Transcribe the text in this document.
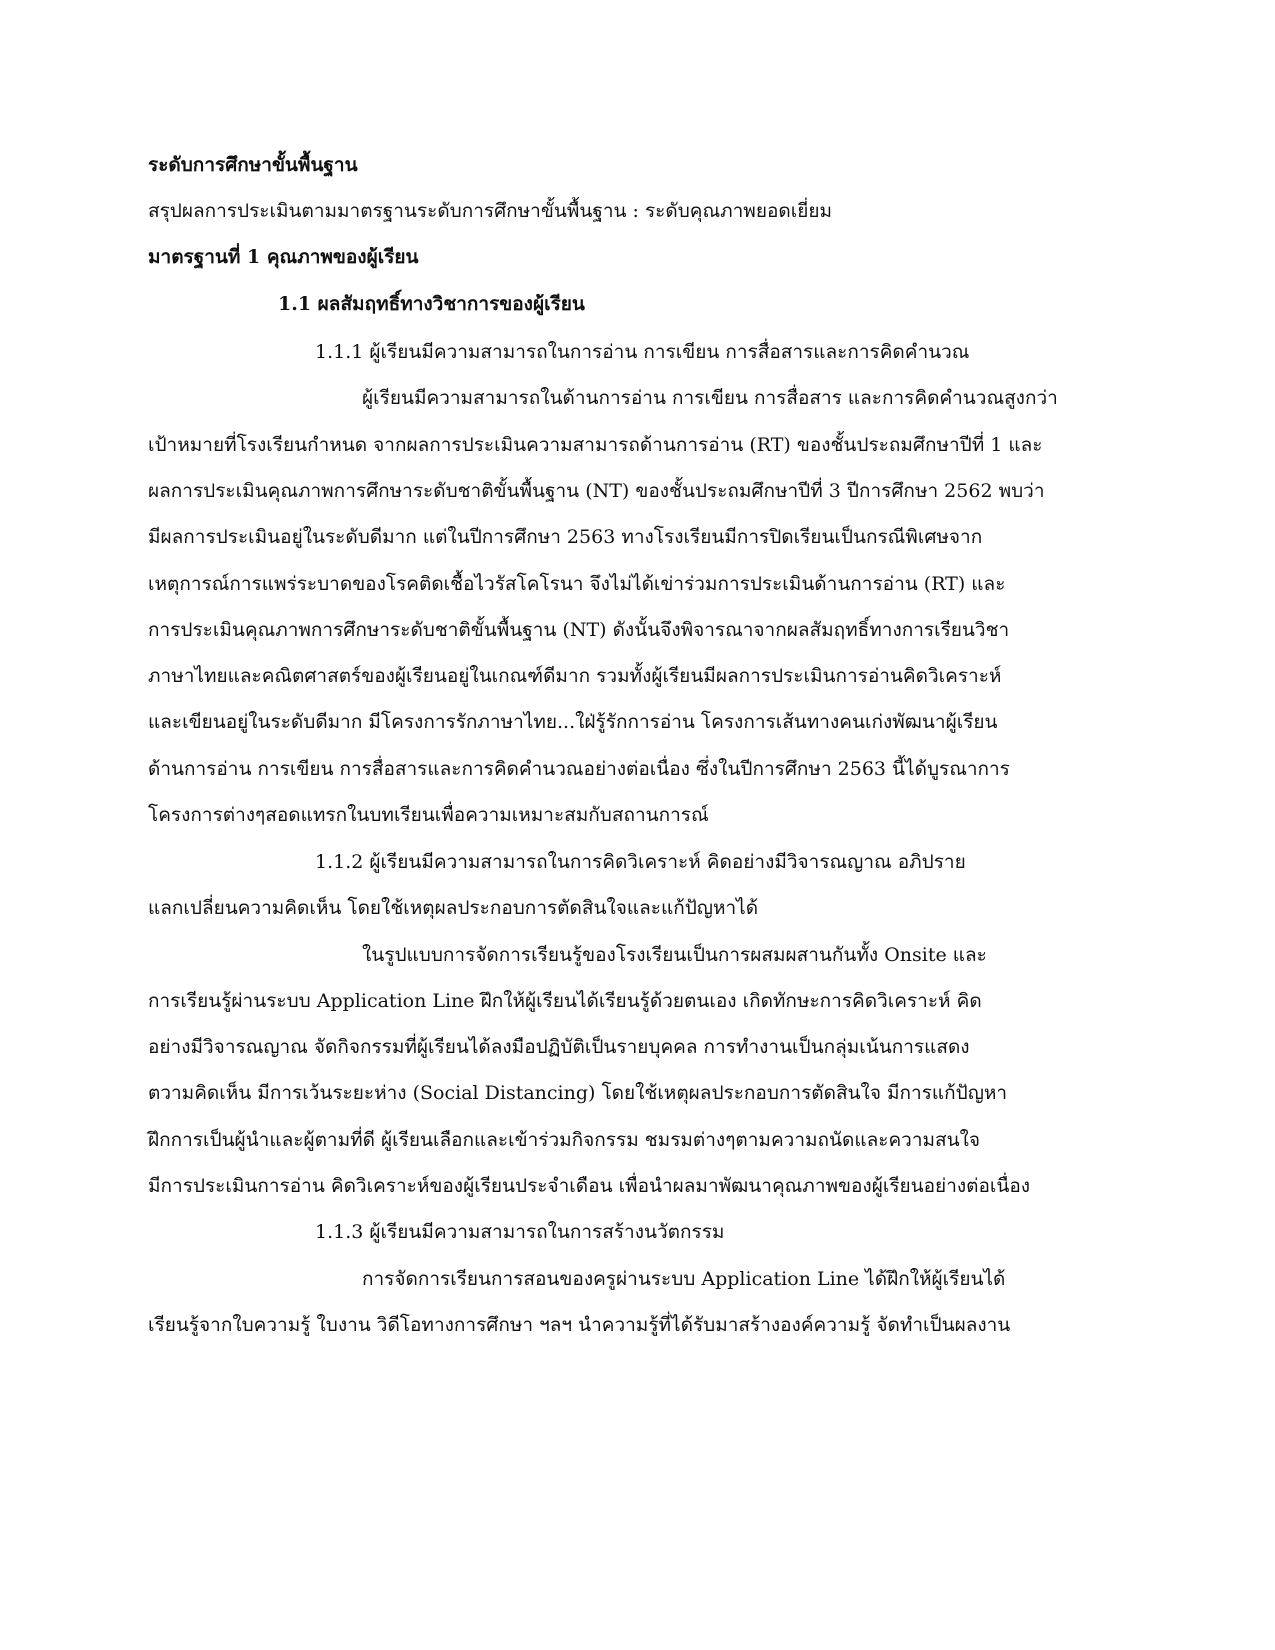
ระดับการศึกษาขั้นพื้นฐาน
สรุปผลการประเมินตามมาตรฐานระดับการศึกษาขั้นพื้นฐาน : ระดับคุณภาพยอดเยี่ยม
มาตรฐานที่ 1 คุณภาพของผู้เรียน
1.1 ผลสัมฤทธิ์ทางวิชาการของผู้เรียน
1.1.1 ผู้เรียนมีความสามารถในการอ่าน การเขียน การสื่อสารและการคิดคำนวณ
ผู้เรียนมีความสามารถในด้านการอ่าน การเขียน การสื่อสาร และการคิดคำนวณสูงกว่า
เป้าหมายที่โรงเรียนกำหนด จากผลการประเมินความสามารถด้านการอ่าน (RT) ของชั้นประถมศึกษาปีที่ 1 และ
ผลการประเมินคุณภาพการศึกษาระดับชาติขั้นพื้นฐาน (NT) ของชั้นประถมศึกษาปีที่ 3 ปีการศึกษา 2562 พบว่า
มีผลการประเมินอยู่ในระดับดีมาก แต่ในปีการศึกษา 2563 ทางโรงเรียนมีการปิดเรียนเป็นกรณีพิเศษจาก
เหตุการณ์การแพร่ระบาดของโรคติดเชื้อไวรัสโคโรนา จึงไม่ได้เข่าร่วมการประเมินด้านการอ่าน (RT) และ
การประเมินคุณภาพการศึกษาระดับชาติขั้นพื้นฐาน (NT) ดังนั้นจึงพิจารณาจากผลสัมฤทธิ์ทางการเรียนวิชา
ภาษาไทยและคณิตศาสตร์ของผู้เรียนอยู่ในเกณฑ์ดีมาก รวมทั้งผู้เรียนมีผลการประเมินการอ่านคิดวิเคราะห์
และเขียนอยู่ในระดับดีมาก มีโครงการรักภาษาไทย...ใฝ่รู้รักการอ่าน โครงการเส้นทางคนเก่งพัฒนาผู้เรียน
ด้านการอ่าน การเขียน การสื่อสารและการคิดคำนวณอย่างต่อเนื่อง ซึ่งในปีการศึกษา 2563 นี้ได้บูรณาการ
โครงการต่างๆสอดแทรกในบทเรียนเพื่อความเหมาะสมกับสถานการณ์
1.1.2 ผู้เรียนมีความสามารถในการคิดวิเคราะห์ คิดอย่างมีวิจารณญาณ อภิปราย
แลกเปลี่ยนความคิดเห็น โดยใช้เหตุผลประกอบการตัดสินใจและแก้ปัญหาได้
ในรูปแบบการจัดการเรียนรู้ของโรงเรียนเป็นการผสมผสานกันทั้ง Onsite และ
การเรียนรู้ผ่านระบบ Application Line ฝึกให้ผู้เรียนได้เรียนรู้ด้วยตนเอง เกิดทักษะการคิดวิเคราะห์ คิด
อย่างมีวิจารณญาณ จัดกิจกรรมที่ผู้เรียนได้ลงมือปฏิบัติเป็นรายบุคคล การทำงานเป็นกลุ่มเน้นการแสดง
ตวามคิดเห็น มีการเว้นระยะห่าง (Social Distancing) โดยใช้เหตุผลประกอบการตัดสินใจ มีการแก้ปัญหา
ฝึกการเป็นผู้นำและผู้ตามที่ดี ผู้เรียนเลือกและเข้าร่วมกิจกรรม ชมรมต่างๆตามความถนัดและความสนใจ
มีการประเมินการอ่าน คิดวิเคราะห์ของผู้เรียนประจำเดือน เพื่อนำผลมาพัฒนาคุณภาพของผู้เรียนอย่างต่อเนื่อง
1.1.3 ผู้เรียนมีความสามารถในการสร้างนวัตกรรม
การจัดการเรียนการสอนของครูผ่านระบบ Application Line ได้ฝึกให้ผู้เรียนได้
เรียนรู้จากใบความรู้ ใบงาน วิดีโอทางการศึกษา ฯลฯ นำความรู้ที่ได้รับมาสร้างองค์ความรู้ จัดทำเป็นผลงาน
